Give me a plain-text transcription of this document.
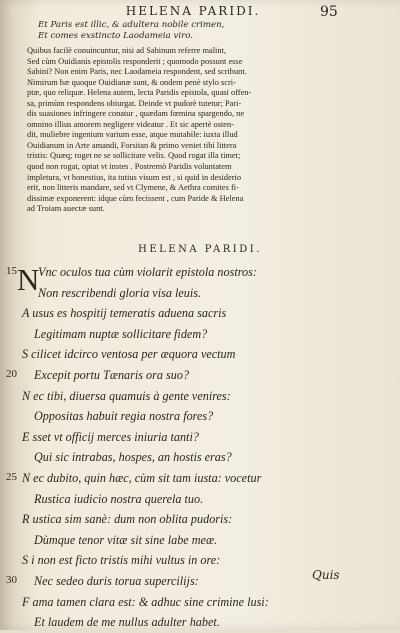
HELENA PARIDI.	95
Et Paris est illic, & adultera nobile crimen,
Et comes exstincto Laodameia viro.
Quibus facilè conuincuntur, nisi ad Sabinum referre malint,
Sed cùm Ouidianis epistolis responderit ; quomodo possunt esse
Sabini? Non enim Paris, nec Laodameia respondent, sed scribunt.
Nimirum hæ quoque Ouidianæ sunt, & ondem penè stylo scri-
ptæ, quo reliquæ. Helena autem, lecta Paridis epistola, quasi offen-
sa, primùm respondens obiurgat. Deinde vt pudorè tutetur; Pari-
dis suasiones infringere conatur , quædam fœmina spargendo, ne
omnino illius amorem negligere videatur . Et sic apertè osten-
dit, muliebre ingenium varium esse, atque mutabile: iuxta illud
Ouidianum in Arte amandi, Forsitan & primo veniet tibi littera
tristis: Quæq; roget ne se sollicitare velis. Quod rogat illa timet;
quod non rogat, optat vt instes . Postremò Paridis voluntatem
impletura, vt honestius, ita tutius visum est , si quid in desiderio
erit, non litteris mandare, sed vt Clymene, & Aethra comites fi-
dissimæ exponerent: idque cùm fecissent , cum Paride & Helena
ad Troiam auectæ sunt.
HELENA PARIDI.
N
15 Vnc oculos tua cùm violarit epistola nostros:
Non rescribendi gloria visa leuis.
A usus es hospitij temeratis aduena sacris
Legitimam nuptæ sollicitare fidem?
S cilicet idcirco ventosa per æquora vectum
20 Excepit portu Tænaris ora suo?
N ec tibi, diuersa quamuis à gente venires:
Oppositas habuit regia nostra fores?
E sset vt officij merces iniuria tanti?
Qui sic intrabas, hospes, an hostis eras?
25 N ec dubito, quin hæc, cùm sit tam iusta: vocetur
Rustica iudicio nostra querela tuo.
R ustica sim sanè: dum non oblita pudoris:
Dùmque tenor vitæ sit sine labe meæ.
S i non est ficto tristis mihi vultus in ore:
30 Nec sedeo duris torua supercilijs:
F ama tamen clara est: & adhuc sine crimine lusi:
Et laudem de me nullus adulter habet.
Quis
